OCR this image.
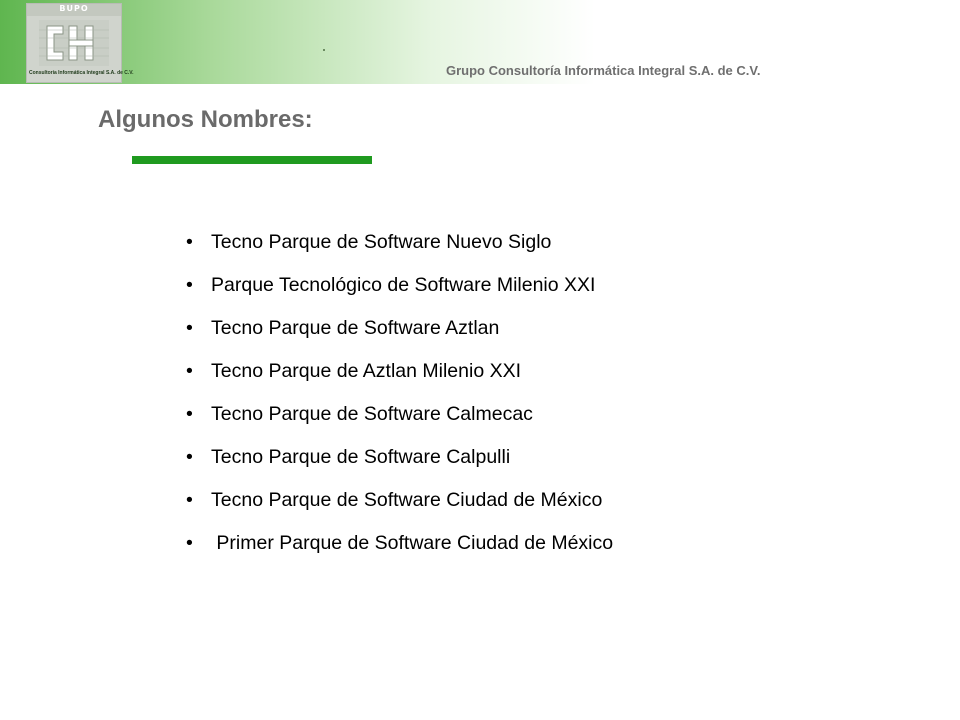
BUPO
Consultoría Informática Integral S.A. de C.V.	Grupo Consultoría Informática Integral S.A. de C.V.
Algunos Nombres:
• Tecno Parque de Software Nuevo Siglo
• Parque Tecnológico de Software Milenio XXI
• Tecno Parque de Software Aztlan
• Tecno Parque de Aztlan Milenio XXI
• Tecno Parque de Software Calmecac
• Tecno Parque de Software Calpulli
• Tecno Parque de Software Ciudad de México
• Primer Parque de Software Ciudad de México
